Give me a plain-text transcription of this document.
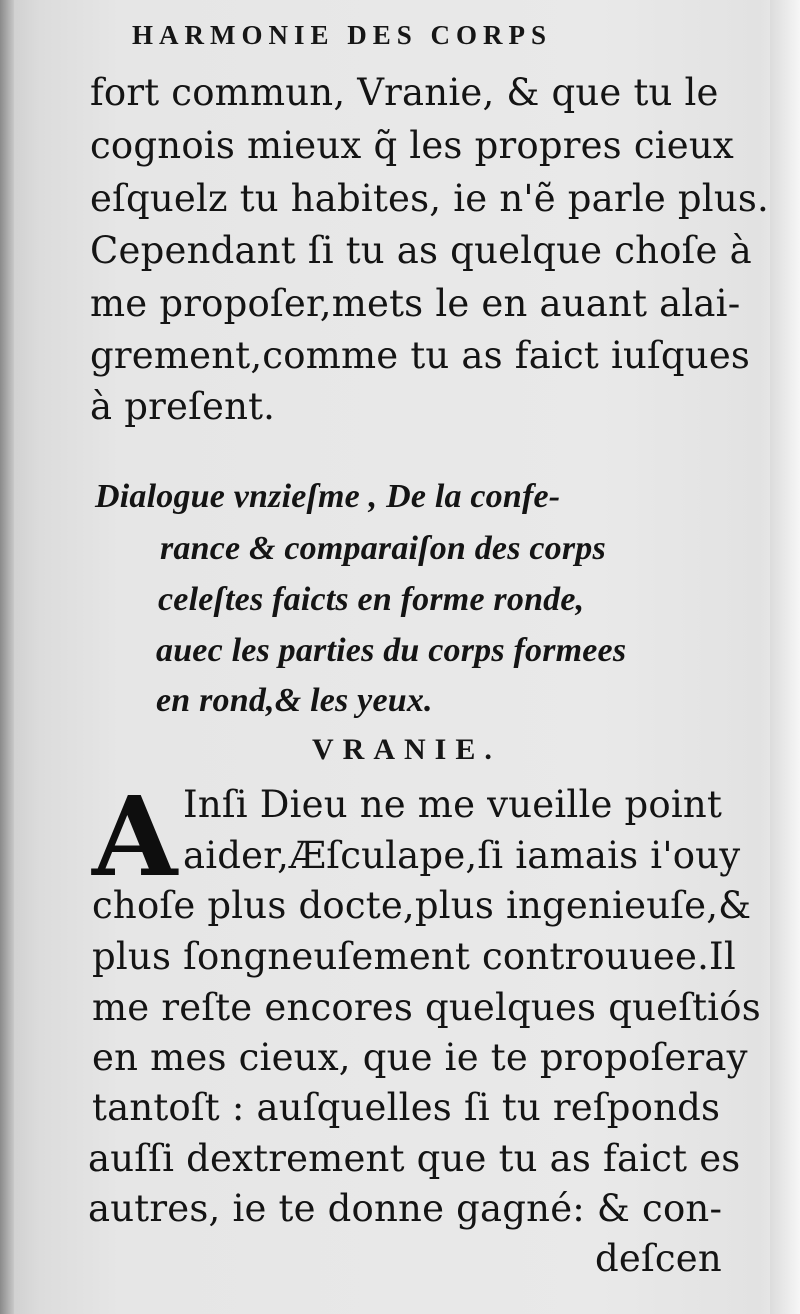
HARMONIE DES CORPS
fort commun, Vranie, & que tu le
cognois mieux q̃ les propres cieux
eſquelz tu habites, ie n'ẽ parle plus.
Cependant ſi tu as quelque choſe à
me propoſer,mets le en auant alai-
grement,comme tu as faict iuſques
à preſent.
Dialogue vnzieſme , De la confe-
rance & comparaiſon des corps
celeſtes faicts en forme ronde,
auec les parties du corps formees
en rond,& les yeux.
VRANIE.
A Inſi Dieu ne me vueille point
aider,Æſculape,ſi iamais i'ouy
choſe plus docte,plus ingenieuſe,&
plus ſongneuſement controuuee.Il
me reſte encores quelques queſtiós
en mes cieux, que ie te propoſeray
tantoſt : auſquelles ſi tu reſponds
auſſi dextrement que tu as faict es
autres, ie te donne gagné: & con-
deſcen
